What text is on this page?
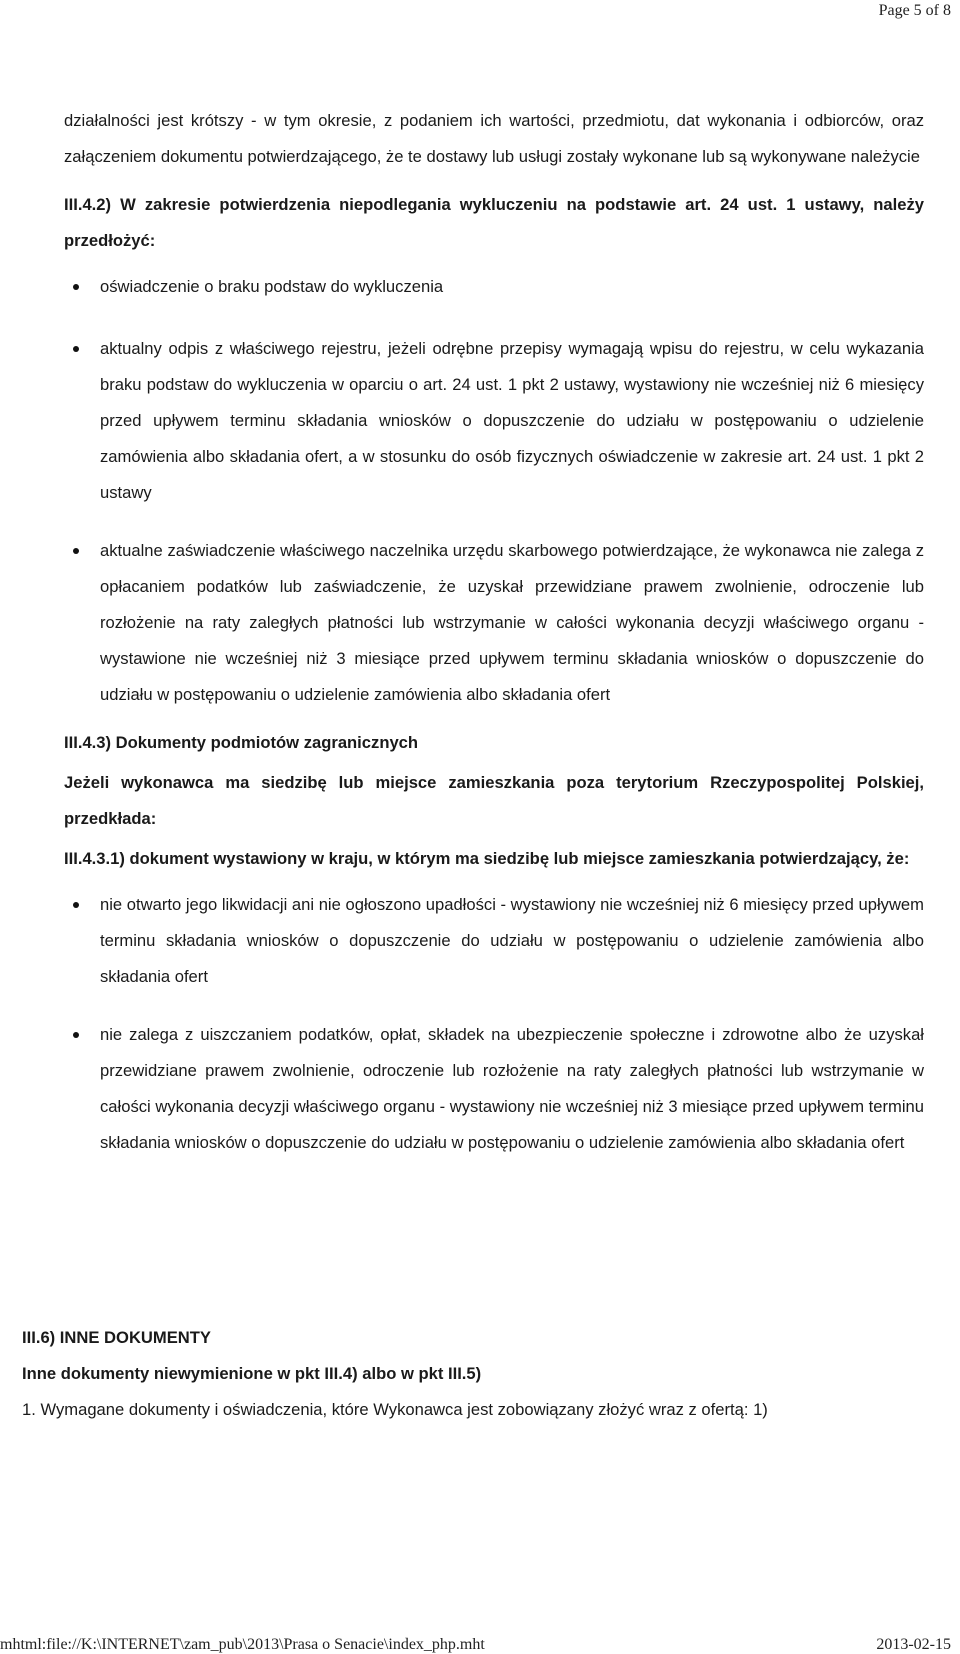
Page 5 of 8

działalności jest krótszy - w tym okresie, z podaniem ich wartości, przedmiotu, dat wykonania i odbiorców, oraz załączeniem dokumentu potwierdzającego, że te dostawy lub usługi zostały wykonane lub są wykonywane należycie

III.4.2) W zakresie potwierdzenia niepodlegania wykluczeniu na podstawie art. 24 ust. 1 ustawy, należy przedłożyć:

oświadczenie o braku podstaw do wykluczenia
aktualny odpis z właściwego rejestru, jeżeli odrębne przepisy wymagają wpisu do rejestru, w celu wykazania braku podstaw do wykluczenia w oparciu o art. 24 ust. 1 pkt 2 ustawy, wystawiony nie wcześniej niż 6 miesięcy przed upływem terminu składania wniosków o dopuszczenie do udziału w postępowaniu o udzielenie zamówienia albo składania ofert, a w stosunku do osób fizycznych oświadczenie w zakresie art. 24 ust. 1 pkt 2 ustawy
aktualne zaświadczenie właściwego naczelnika urzędu skarbowego potwierdzające, że wykonawca nie zalega z opłacaniem podatków lub zaświadczenie, że uzyskał przewidziane prawem zwolnienie, odroczenie lub rozłożenie na raty zaległych płatności lub wstrzymanie w całości wykonania decyzji właściwego organu - wystawione nie wcześniej niż 3 miesiące przed upływem terminu składania wniosków o dopuszczenie do udziału w postępowaniu o udzielenie zamówienia albo składania ofert

III.4.3) Dokumenty podmiotów zagranicznych

Jeżeli wykonawca ma siedzibę lub miejsce zamieszkania poza terytorium Rzeczypospolitej Polskiej, przedkłada:

III.4.3.1) dokument wystawiony w kraju, w którym ma siedzibę lub miejsce zamieszkania potwierdzający, że:

nie otwarto jego likwidacji ani nie ogłoszono upadłości - wystawiony nie wcześniej niż 6 miesięcy przed upływem terminu składania wniosków o dopuszczenie do udziału w postępowaniu o udzielenie zamówienia albo składania ofert
nie zalega z uiszczaniem podatków, opłat, składek na ubezpieczenie społeczne i zdrowotne albo że uzyskał przewidziane prawem zwolnienie, odroczenie lub rozłożenie na raty zaległych płatności lub wstrzymanie w całości wykonania decyzji właściwego organu - wystawiony nie wcześniej niż 3 miesiące przed upływem terminu składania wniosków o dopuszczenie do udziału w postępowaniu o udzielenie zamówienia albo składania ofert

III.6) INNE DOKUMENTY

Inne dokumenty niewymienione w pkt III.4) albo w pkt III.5)

1. Wymagane dokumenty i oświadczenia, które Wykonawca jest zobowiązany złożyć wraz z ofertą: 1)

mhtml:file://K:\INTERNET\zam_pub\2013\Prasa o Senacie\index_php.mht	2013-02-15
